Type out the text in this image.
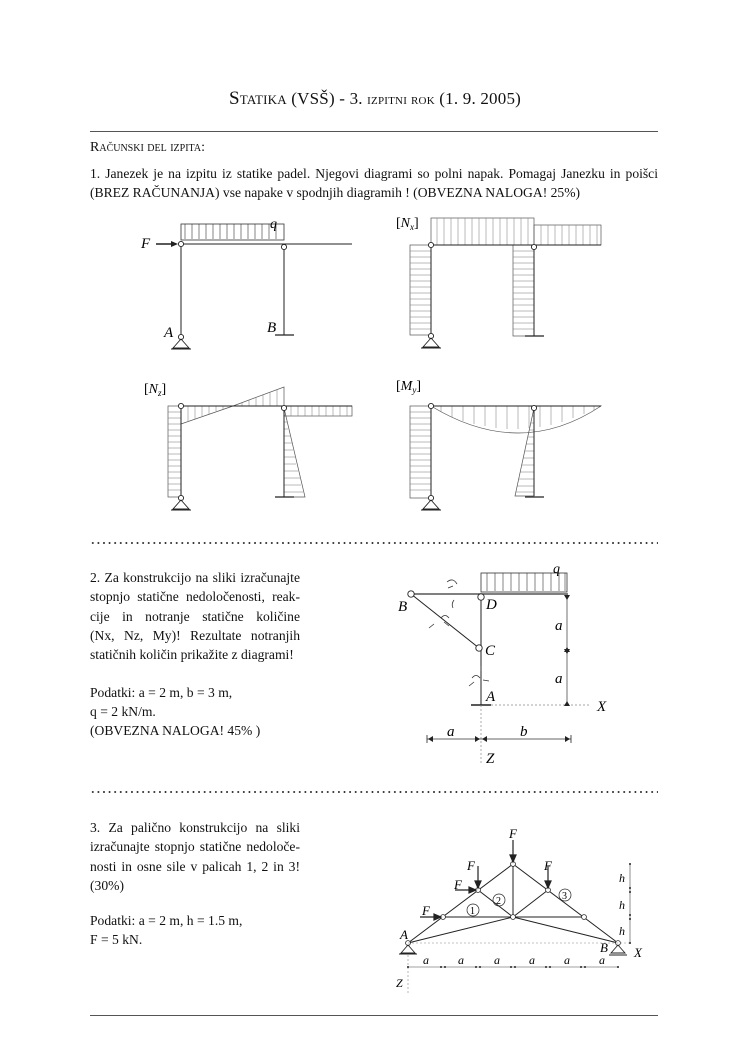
Statika (VSŠ) - 3. izpitni rok (1. 9. 2005)
Računski del izpita:
1. Janezek je na izpitu iz statike padel. Njegovi diagrami so polni napak. Pomagaj Janezku in poišci (BREZ RAČUNANJA) vse napake v spodnjih diagramih ! (OBVEZNA NALOGA! 25%)
q
F
A	B
$[N_x]$
$[N_z]$	$[M_y]$
2. Za konstrukcijo na sliki izračunajte
stopnjo statične nedoločenosti, reak-
cije in notranje statične količine
(Nx, Nz, My)! Rezultate notranjih
statičnih količin prikažite z diagrami!
Podatki: a = 2 m, b = 3 m,
q = 2 kN/m.
(OBVEZNA NALOGA! 45% )
q
B	D
C
A
X
Z
a
a
a	b
3. Za palično konstrukcijo na sliki
izračunajte stopnjo statične nedoloče-
nosti in osne sile v palicah 1, 2 in 3!
(30%)
Podatki: a = 2 m, h = 1.5 m,
F = 5 kN.
F
F	F
F
F	1
2	3
A
B X
Z
a a	a a a a
h
h
h
